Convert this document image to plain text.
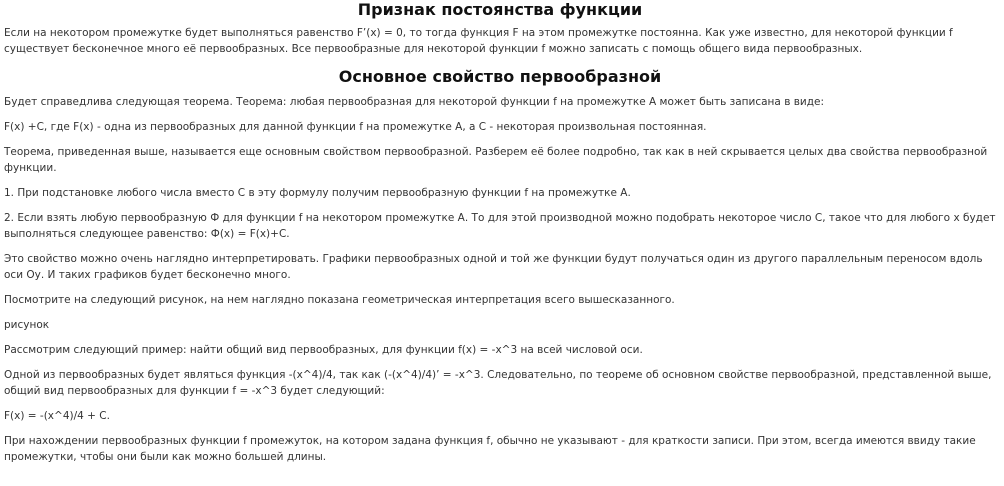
Признак постоянства функции

Если на некотором промежутке будет выполняться равенство F’(x) = 0, то тогда функция F на этом промежутке постоянна. Как уже известно, для некоторой функции f существует бесконечное много её первообразных. Все первообразные для некоторой функции f можно записать с помощь общего вида первообразных.

Основное свойство первообразной

Будет справедлива следующая теорема. Теорема: любая первообразная для некоторой функции f на промежутке А может быть записана в виде:

F(x) +C, где F(x) - одна из первообразных для данной функции f на промежутке А, а С - некоторая произвольная постоянная.

Теорема, приведенная выше, называется еще основным свойством первообразной. Разберем её более подробно, так как в ней скрывается целых два свойства первообразной функции.

1. При подстановке любого числа вместо С в эту формулу получим первообразную функции f на промежутке А.

2. Если взять любую первообразную Ф для функции f на некотором промежутке А. То для этой производной можно подобрать некоторое число С, такое что для любого х будет выполняться следующее равенство: Ф(х) = F(x)+C.

Это свойство можно очень наглядно интерпретировать. Графики первообразных одной и той же функции будут получаться один из другого параллельным переносом вдоль оси Оу. И таких графиков будет бесконечно много.

Посмотрите на следующий рисунок, на нем наглядно показана геометрическая интерпретация всего вышесказанного.

рисунок

Рассмотрим следующий пример: найти общий вид первообразных, для функции f(x) = -x^3 на всей числовой оси.

Одной из первообразных будет являться функция -(x^4)/4, так как (-(x^4)/4)’ = -x^3. Следовательно, по теореме об основном свойстве первообразной, представленной выше, общий вид первообразных для функции f = -x^3 будет следующий:

F(x) = -(x^4)/4 + C.

При нахождении первообразных функции f промежуток, на котором задана функция f, обычно не указывают - для краткости записи. При этом, всегда имеются ввиду такие промежутки, чтобы они были как можно большей длины.
